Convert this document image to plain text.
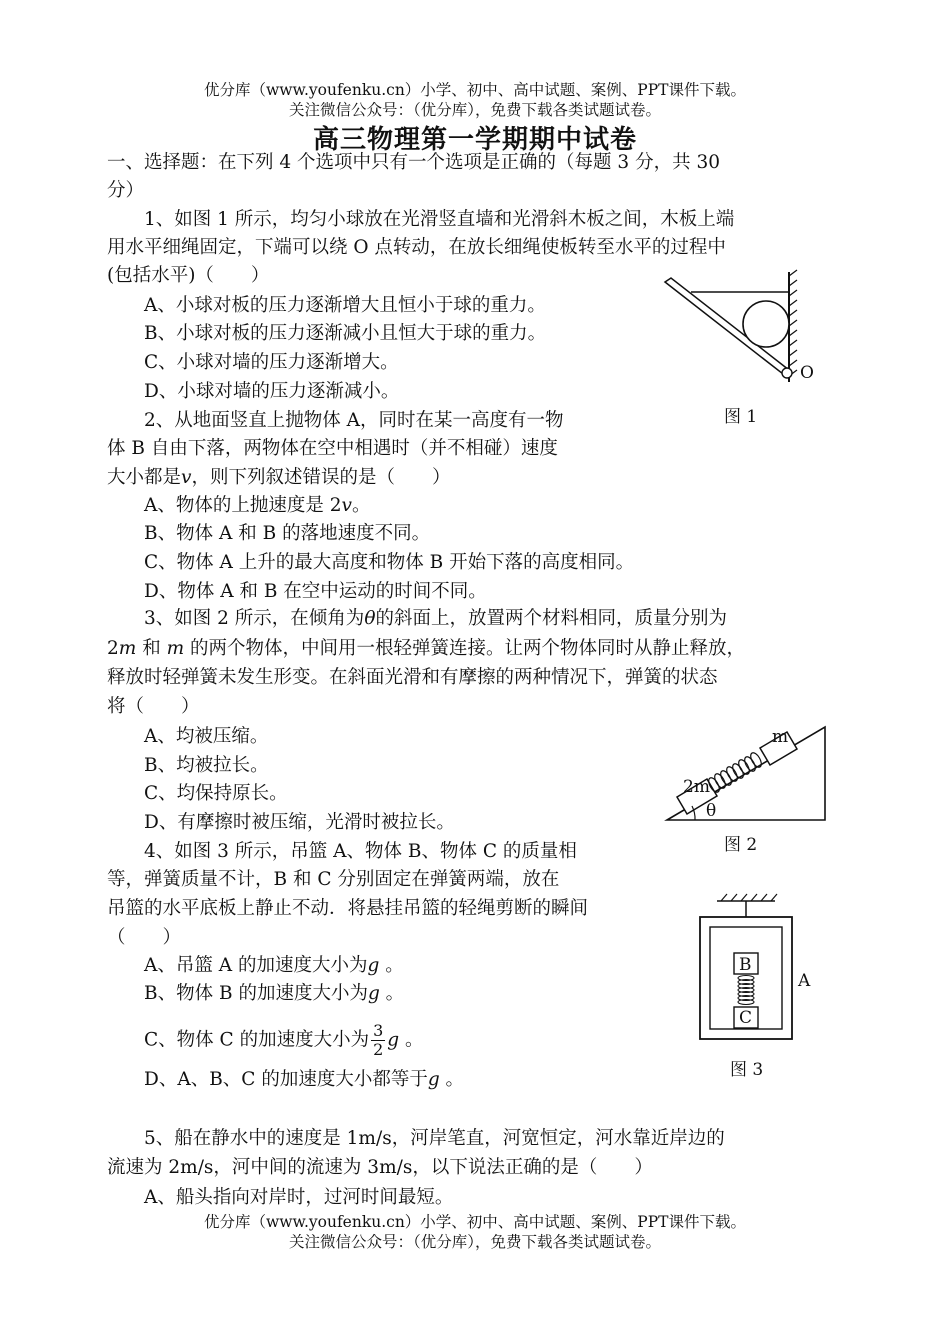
优分库（www.youfenku.cn）小学、初中、高中试题、案例、PPT课件下载。
关注微信公众号：（优分库），免费下载各类试题试卷。
高三物理第一学期期中试卷
一、选择题：在下列 4 个选项中只有一个选项是正确的（每题 3 分，共 30
分）
1、如图 1 所示，均匀小球放在光滑竖直墙和光滑斜木板之间，木板上端
用水平细绳固定，下端可以绕 O 点转动，在放长细绳使板转至水平的过程中
(包括水平)（　　）
A、小球对板的压力逐渐增大且恒小于球的重力。
B、小球对板的压力逐渐减小且恒大于球的重力。
C、小球对墙的压力逐渐增大。
D、小球对墙的压力逐渐减小。
O
图 1
2、从地面竖直上抛物体 A，同时在某一高度有一物
体 B 自由下落，两物体在空中相遇时（并不相碰）速度
大小都是v，则下列叙述错误的是（　　）
A、物体的上抛速度是 2v。
B、物体 A 和 B 的落地速度不同。
C、物体 A 上升的最大高度和物体 B 开始下落的高度相同。
D、物体 A 和 B 在空中运动的时间不同。
3、如图 2 所示，在倾角为θ的斜面上，放置两个材料相同，质量分别为
2m 和 m 的两个物体，中间用一根轻弹簧连接。让两个物体同时从静止释放，
释放时轻弹簧未发生形变。在斜面光滑和有摩擦的两种情况下，弹簧的状态
将（　　）
A、均被压缩。
B、均被拉长。
C、均保持原长。
D、有摩擦时被压缩，光滑时被拉长。
m
2m
θ
图 2
4、如图 3 所示，吊篮 A、物体 B、物体 C 的质量相
等，弹簧质量不计，B 和 C 分别固定在弹簧两端，放在
吊篮的水平底板上静止不动．将悬挂吊篮的轻绳剪断的瞬间
（　　）
A、吊篮 A 的加速度大小为g 。
B、物体 B 的加速度大小为g 。
C、物体 C 的加速度大小为 $\frac{3}{2}$ g 。
D、A、B、C 的加速度大小都等于g 。
B
C
A
图 3
5、船在静水中的速度是 1m/s，河岸笔直，河宽恒定，河水靠近岸边的
流速为 2m/s，河中间的流速为 3m/s，以下说法正确的是（　　）
A、船头指向对岸时，过河时间最短。
优分库（www.youfenku.cn）小学、初中、高中试题、案例、PPT课件下载。
关注微信公众号：（优分库），免费下载各类试题试卷。
